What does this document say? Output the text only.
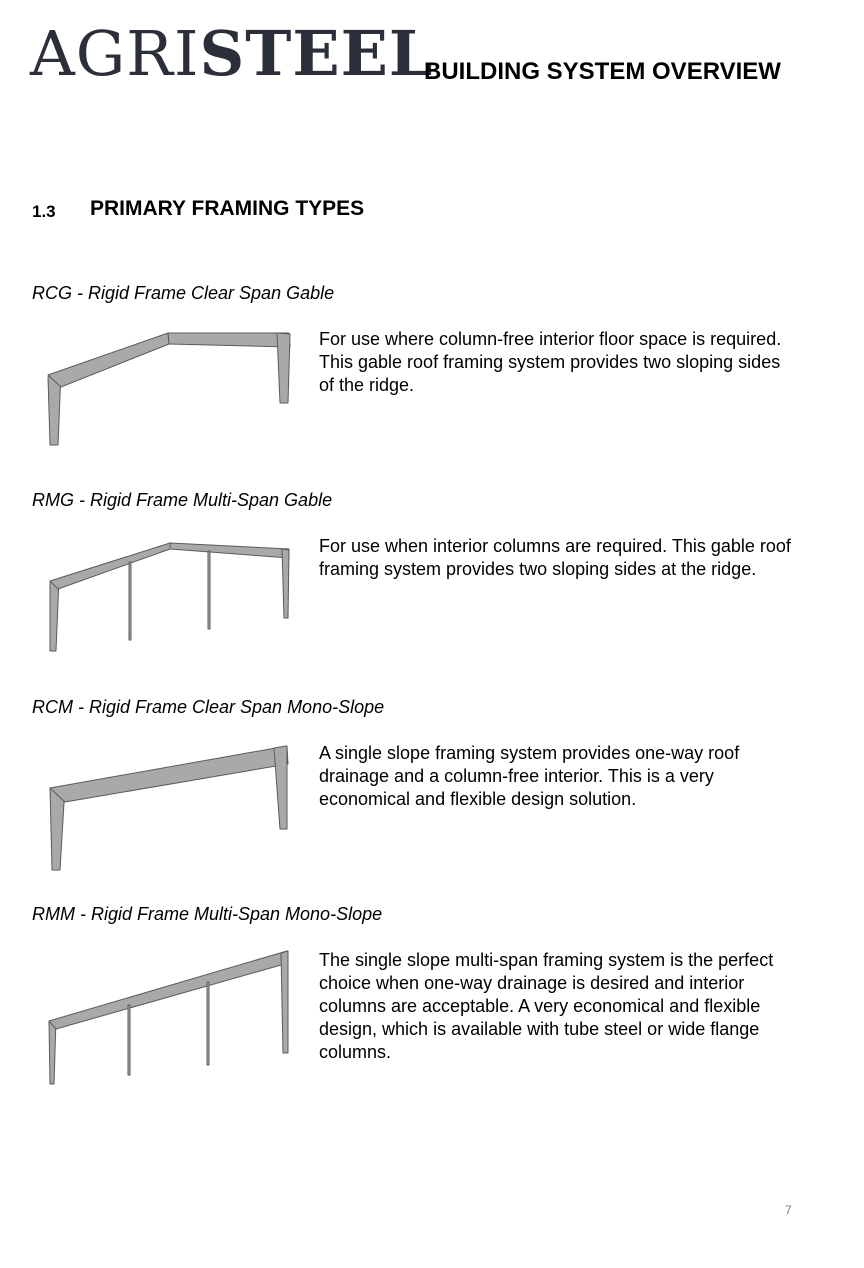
AGRISTEEL
BUILDING SYSTEM OVERVIEW
1.3 PRIMARY FRAMING TYPES
RCG - Rigid Frame Clear Span Gable
For use where column-free interior floor space is required. This gable roof framing system provides two sloping sides of the ridge.
RMG - Rigid Frame Multi-Span Gable
For use when interior columns are required. This gable roof framing system provides two sloping sides at the ridge.
RCM - Rigid Frame Clear Span Mono-Slope
A single slope framing system provides one-way roof drainage and a column-free interior. This is a very economical and flexible design solution.
RMM - Rigid Frame Multi-Span Mono-Slope
The single slope multi-span framing system is the perfect choice when one-way drainage is desired and interior columns are acceptable. A very economical and flexible design, which is available with tube steel or wide flange columns.
7
